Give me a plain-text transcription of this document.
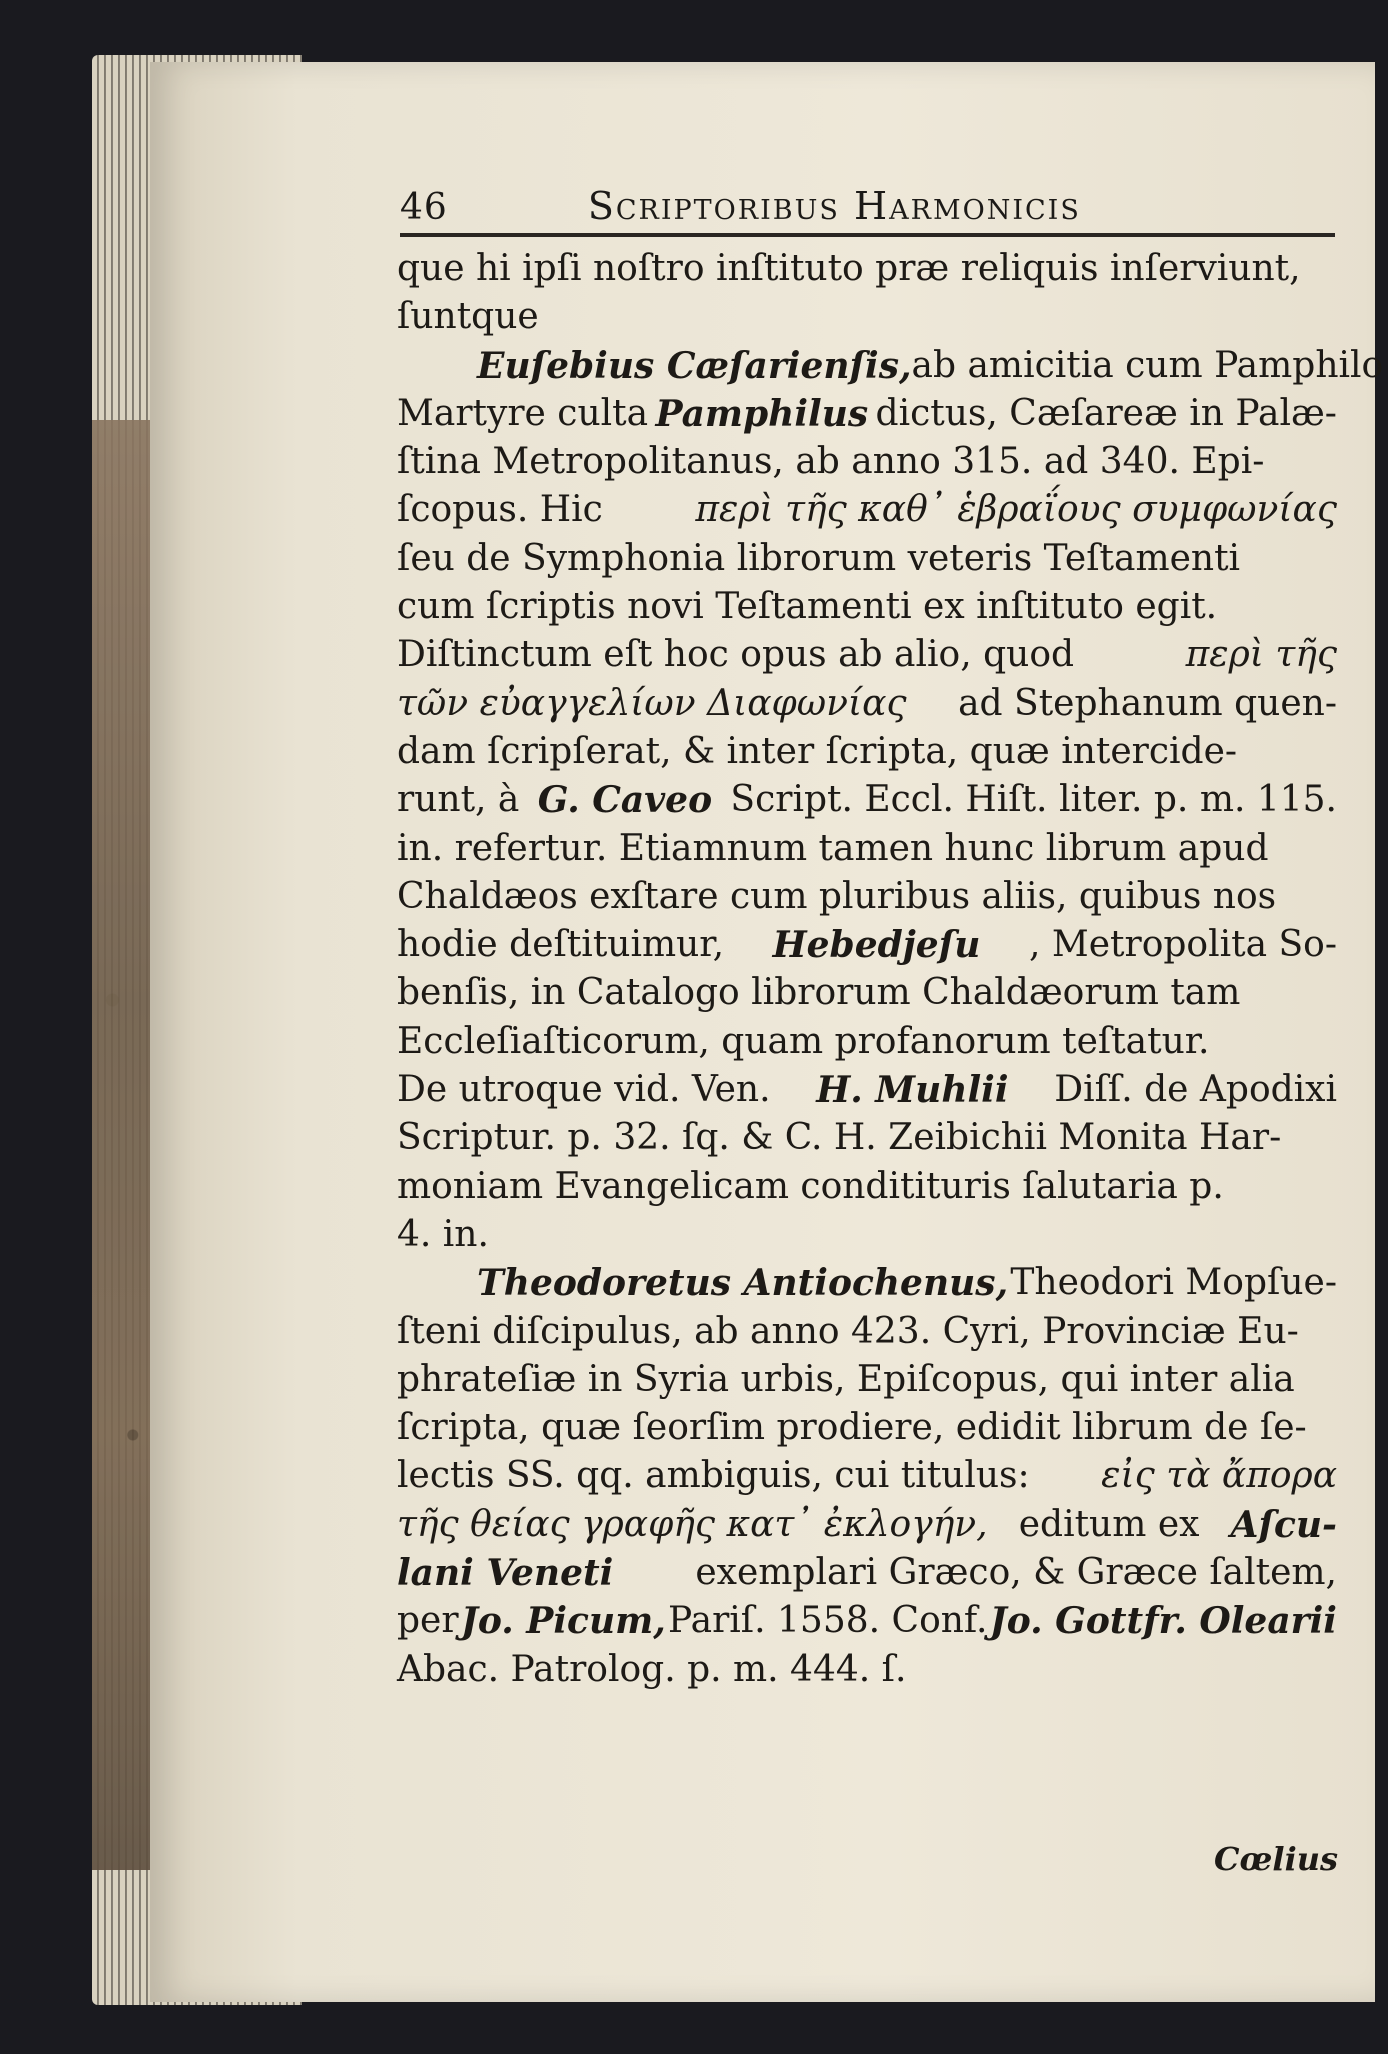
46	Scriptoribus Harmonicis
que hi ipſi noſtro inſtituto præ reliquis inſerviunt,
ſuntque
Euſebius Cæſarienſis, ab amicitia cum Pamphilo
Martyre culta Pamphilus dictus, Cæſareæ in Palæ-
ſtina Metropolitanus, ab anno 315. ad 340. Epi-
ſcopus. Hic	περὶ τῆς καθ᾽ ἑβραΐους συμφωνίας
ſeu de Symphonia librorum veteris Teſtamenti
cum ſcriptis novi Teſtamenti ex inſtituto egit.
Diſtinctum eſt hoc opus ab alio, quod	περὶ τῆς
τῶν εὐαγγελίων Διαφωνίας ad Stephanum quen-
dam ſcripſerat, & inter ſcripta, quæ intercide-
runt, à G. Caveo Script. Eccl. Hiſt. liter. p. m. 115.
in. refertur. Etiamnum tamen hunc librum apud
Chaldæos exſtare cum pluribus aliis, quibus nos
hodie deſtituimur, Hebedjeſu , Metropolita So-
benſis, in Catalogo librorum Chaldæorum tam
Eccleſiaſticorum, quam profanorum teſtatur.
De utroque vid. Ven. H. Muhlii Diſſ. de Apodixi
Scriptur. p. 32. ſq. & C. H. Zeibichii Monita Har-
moniam Evangelicam conditituris ſalutaria p.
4. in.
Theodoretus Antiochenus, Theodori Mopſue-
ſteni diſcipulus, ab anno 423. Cyri, Provinciæ Eu-
phrateſiæ in Syria urbis, Epiſcopus, qui inter alia
ſcripta, quæ ſeorſim prodiere, edidit librum de ſe-
lectis SS. qq. ambiguis, cui titulus: εἰς τὰ ἄπορα
τῆς θείας γραφῆς κατ᾽ ἐκλογήν, editum ex Aſcu-
lani Veneti exemplari Græco, & Græce ſaltem,
per Jo. Picum, Pariſ. 1558. Conf. Jo. Gottfr. Olearii
Abac. Patrolog. p. m. 444. ſ.
Cœlius
